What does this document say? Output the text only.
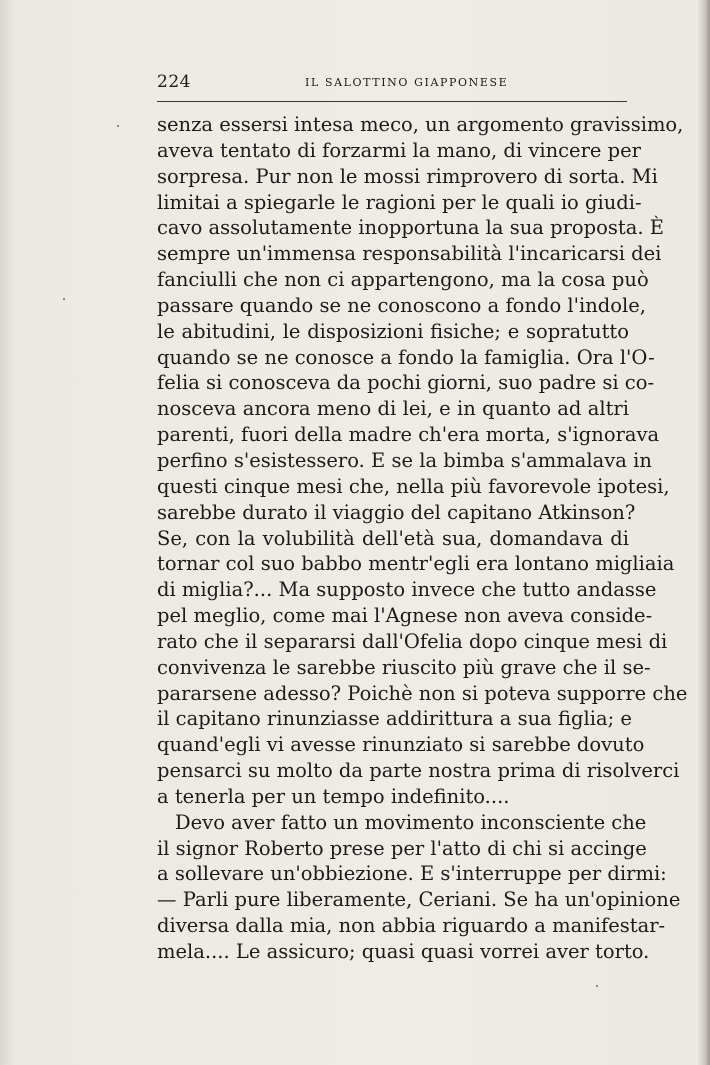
224	IL SALOTTINO GIAPPONESE
senza essersi intesa meco, un argomento gravissimo,
aveva tentato di forzarmi la mano, di vincere per
sorpresa. Pur non le mossi rimprovero di sorta. Mi
limitai a spiegarle le ragioni per le quali io giudi-
cavo assolutamente inopportuna la sua proposta. È
sempre un'immensa responsabilità l'incaricarsi dei
fanciulli che non ci appartengono, ma la cosa può
passare quando se ne conoscono a fondo l'indole,
le abitudini, le disposizioni fisiche; e sopratutto
quando se ne conosce a fondo la famiglia. Ora l'O-
felia si conosceva da pochi giorni, suo padre si co-
nosceva ancora meno di lei, e in quanto ad altri
parenti, fuori della madre ch'era morta, s'ignorava
perfino s'esistessero. E se la bimba s'ammalava in
questi cinque mesi che, nella più favorevole ipotesi,
sarebbe durato il viaggio del capitano Atkinson?
Se, con la volubilità dell'età sua, domandava di
tornar col suo babbo mentr'egli era lontano migliaia
di miglia?... Ma supposto invece che tutto andasse
pel meglio, come mai l'Agnese non aveva conside-
rato che il separarsi dall'Ofelia dopo cinque mesi di
convivenza le sarebbe riuscito più grave che il se-
pararsene adesso? Poichè non si poteva supporre che
il capitano rinunziasse addirittura a sua figlia; e
quand'egli vi avesse rinunziato si sarebbe dovuto
pensarci su molto da parte nostra prima di risolverci
a tenerla per un tempo indefinito....
Devo aver fatto un movimento inconsciente che
il signor Roberto prese per l'atto di chi si accinge
a sollevare un'obbiezione. E s'interruppe per dirmi:
— Parli pure liberamente, Ceriani. Se ha un'opinione
diversa dalla mia, non abbia riguardo a manifestar-
mela.... Le assicuro; quasi quasi vorrei aver torto.
